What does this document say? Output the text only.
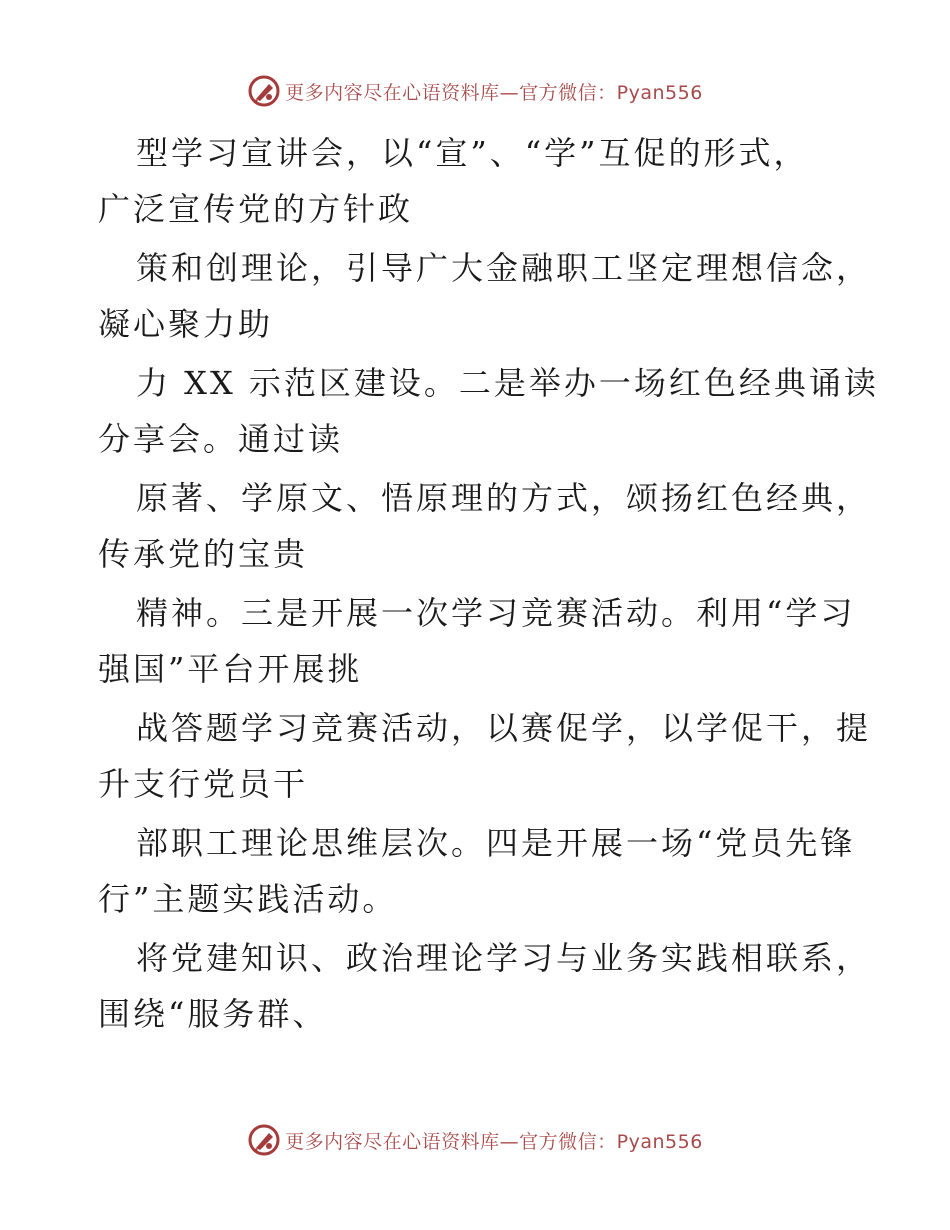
更多内容尽在心语资料库—官方微信：Pyan556
型学习宣讲会，以“宣”、“学”互促的形式，
广泛宣传党的方针政
策和创理论，引导广大金融职工坚定理想信念，
凝心聚力助
力 XX 示范区建设。二是举办一场红色经典诵读
分享会。通过读
原著、学原文、悟原理的方式，颂扬红色经典，
传承党的宝贵
精神。三是开展一次学习竞赛活动。利用“学习
强国”平台开展挑
战答题学习竞赛活动，以赛促学，以学促干，提
升支行党员干
部职工理论思维层次。四是开展一场“党员先锋
行”主题实践活动。
将党建知识、政治理论学习与业务实践相联系，
围绕“服务群、
更多内容尽在心语资料库—官方微信：Pyan556
